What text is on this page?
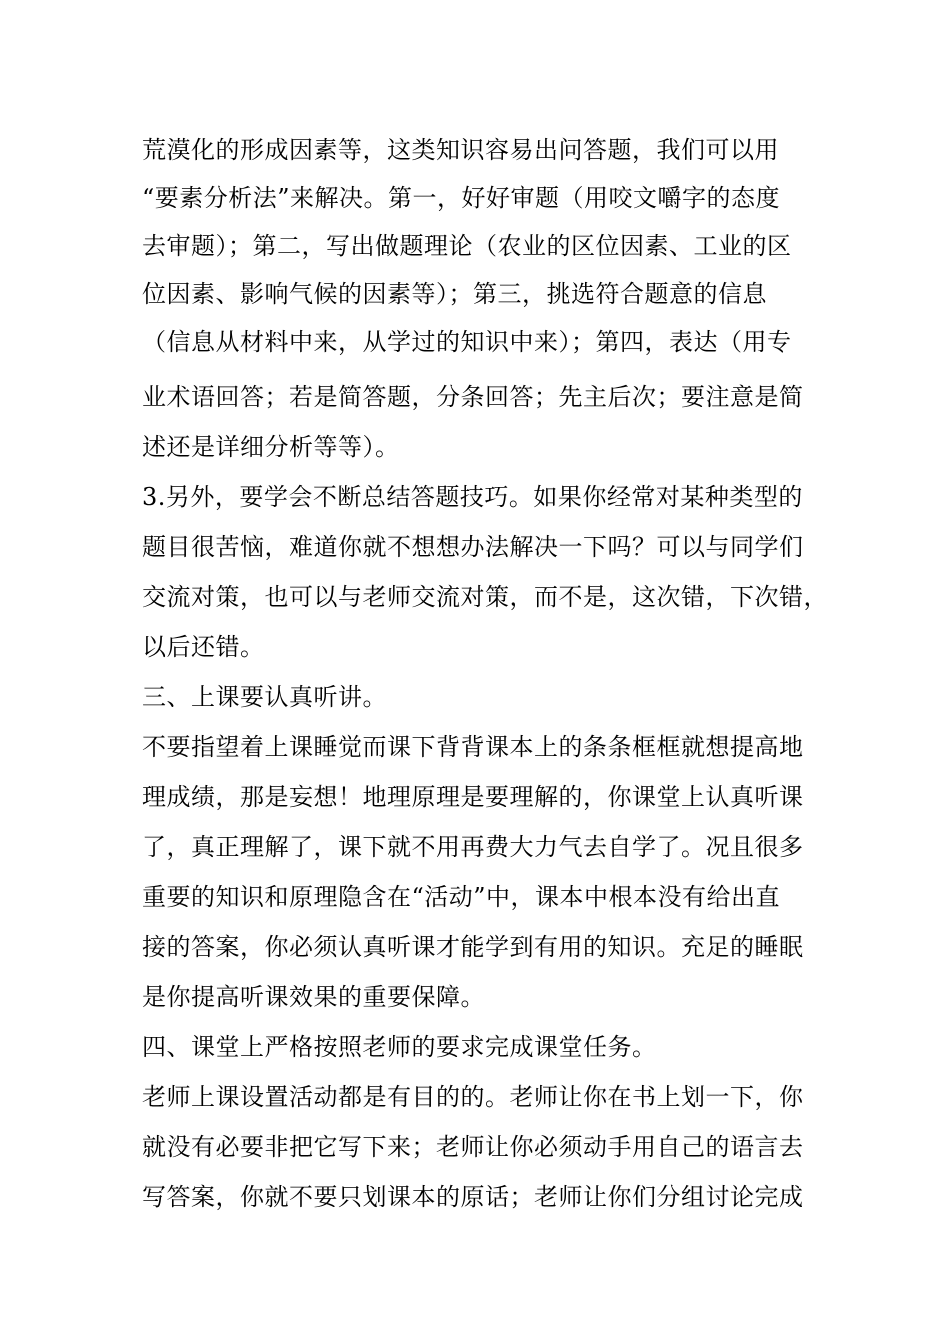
荒漠化的形成因素等，这类知识容易出问答题，我们可以用
“要素分析法”来解决。第一，好好审题（用咬文嚼字的态度
去审题）；第二，写出做题理论（农业的区位因素、工业的区
位因素、影响气候的因素等）；第三，挑选符合题意的信息
（信息从材料中来，从学过的知识中来）；第四，表达（用专
业术语回答；若是简答题，分条回答；先主后次；要注意是简
述还是详细分析等等）。
3.另外，要学会不断总结答题技巧。如果你经常对某种类型的
题目很苦恼，难道你就不想想办法解决一下吗？可以与同学们
交流对策，也可以与老师交流对策，而不是，这次错，下次错，
以后还错。
三、上课要认真听讲。
不要指望着上课睡觉而课下背背课本上的条条框框就想提高地
理成绩，那是妄想！地理原理是要理解的，你课堂上认真听课
了，真正理解了，课下就不用再费大力气去自学了。况且很多
重要的知识和原理隐含在“活动”中，课本中根本没有给出直
接的答案，你必须认真听课才能学到有用的知识。充足的睡眠
是你提高听课效果的重要保障。
四、课堂上严格按照老师的要求完成课堂任务。
老师上课设置活动都是有目的的。老师让你在书上划一下，你
就没有必要非把它写下来；老师让你必须动手用自己的语言去
写答案，你就不要只划课本的原话；老师让你们分组讨论完成
